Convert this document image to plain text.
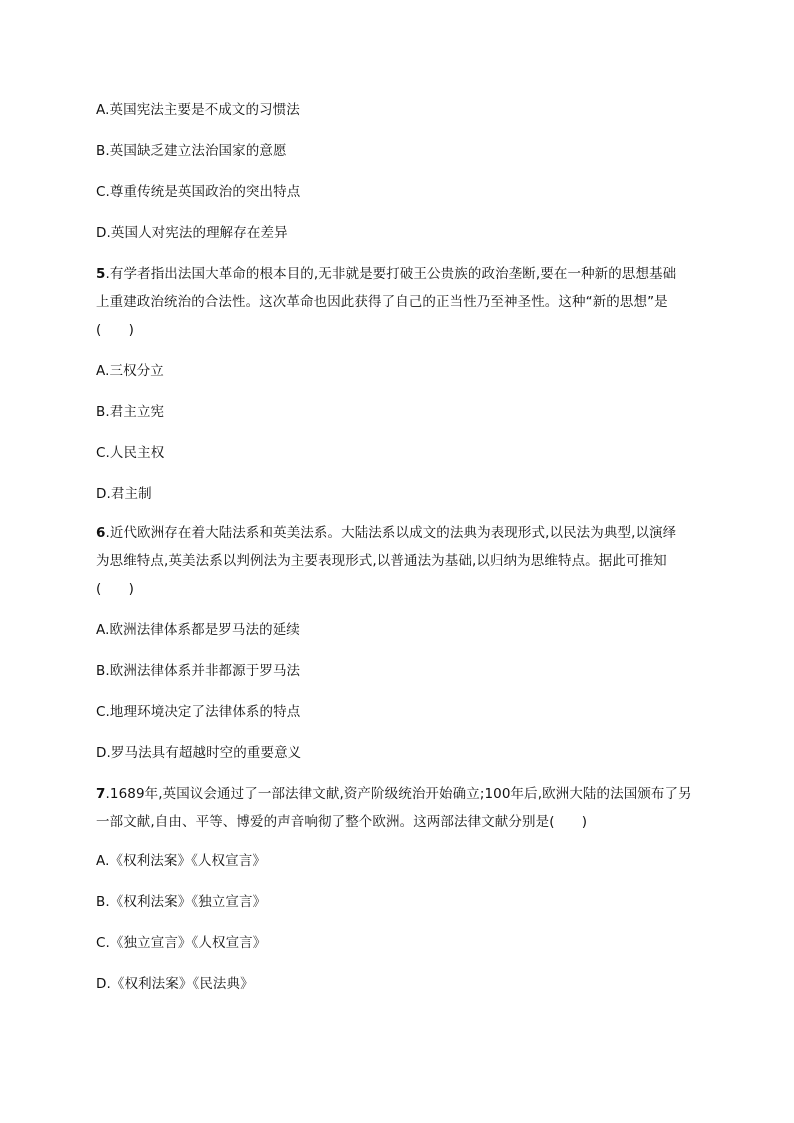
A.英国宪法主要是不成文的习惯法
B.英国缺乏建立法治国家的意愿
C.尊重传统是英国政治的突出特点
D.英国人对宪法的理解存在差异
5.有学者指出法国大革命的根本目的,无非就是要打破王公贵族的政治垄断,要在一种新的思想基础
上重建政治统治的合法性。这次革命也因此获得了自己的正当性乃至神圣性。这种“新的思想”是
(　　)
A.三权分立
B.君主立宪
C.人民主权
D.君主制
6.近代欧洲存在着大陆法系和英美法系。大陆法系以成文的法典为表现形式,以民法为典型,以演绎
为思维特点,英美法系以判例法为主要表现形式,以普通法为基础,以归纳为思维特点。据此可推知
(　　)
A.欧洲法律体系都是罗马法的延续
B.欧洲法律体系并非都源于罗马法
C.地理环境决定了法律体系的特点
D.罗马法具有超越时空的重要意义
7.1689年,英国议会通过了一部法律文献,资产阶级统治开始确立;100年后,欧洲大陆的法国颁布了另
一部文献,自由、平等、博爱的声音响彻了整个欧洲。这两部法律文献分别是(　　)
A.《权利法案》《人权宣言》
B.《权利法案》《独立宣言》
C.《独立宣言》《人权宣言》
D.《权利法案》《民法典》
